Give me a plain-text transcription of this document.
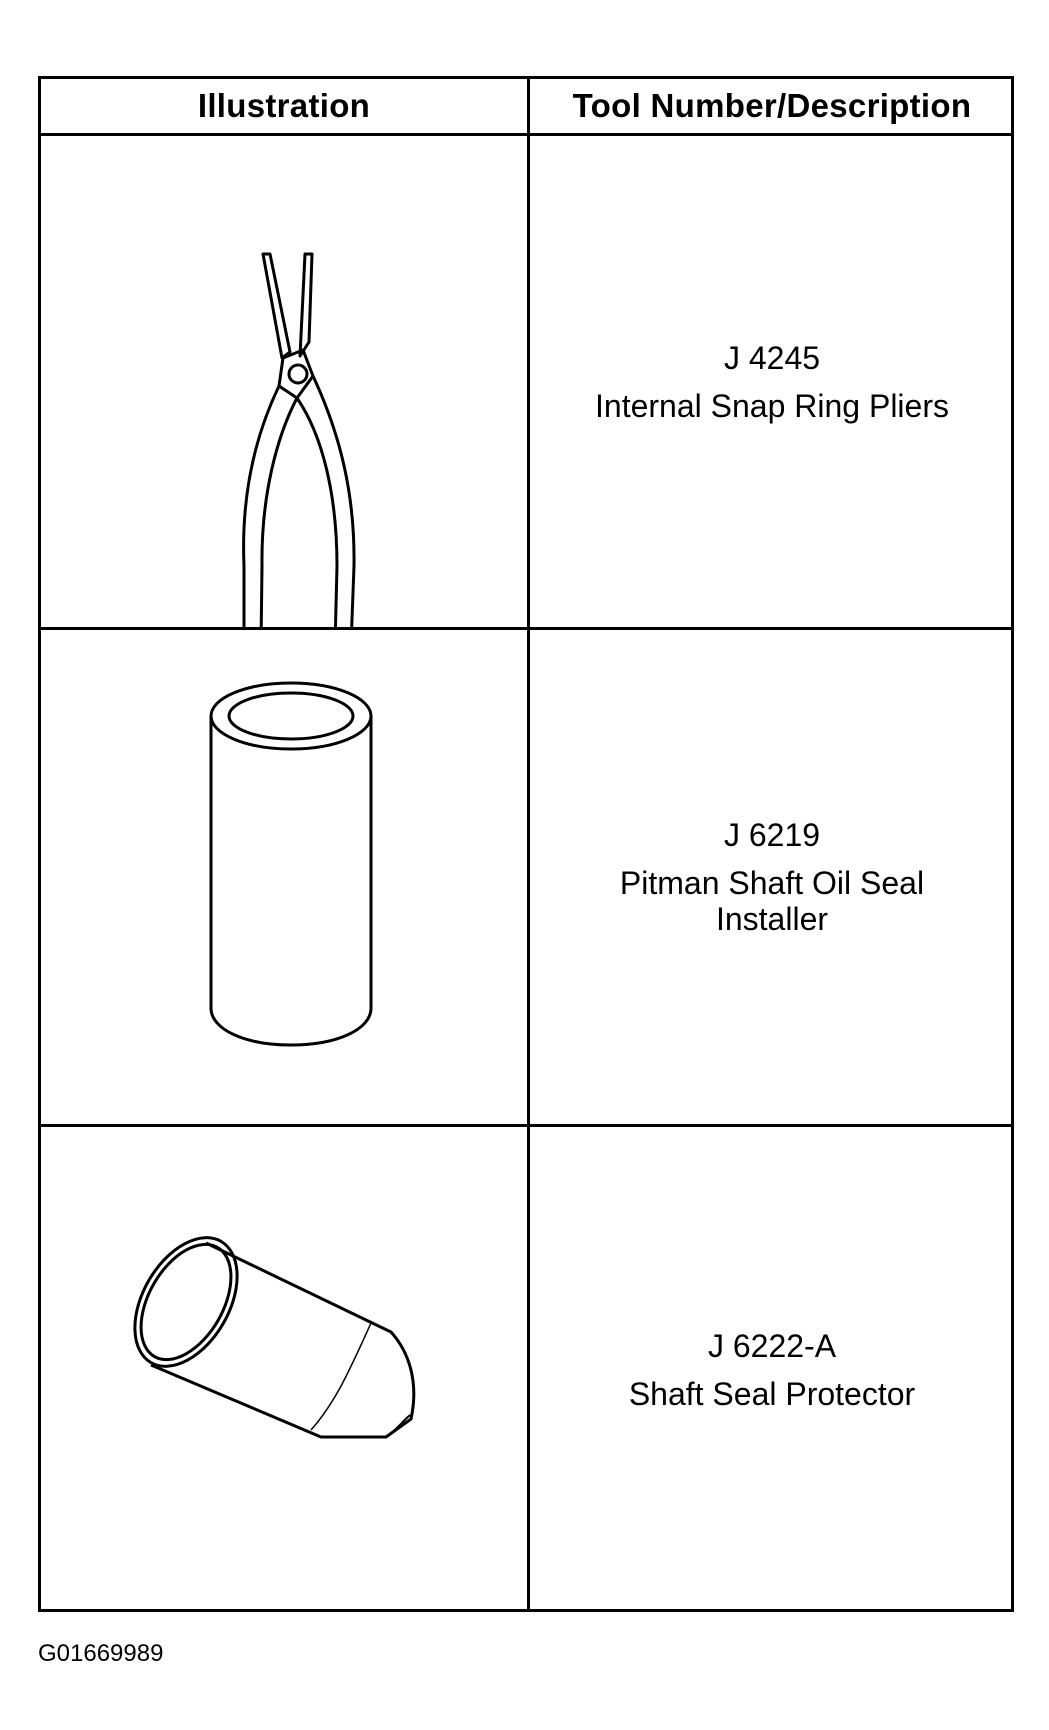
Illustration	Tool Number/Description
J 4245
Internal Snap Ring Pliers
J 6219
Pitman Shaft Oil Seal Installer
J 6222-A
Shaft Seal Protector
G01669989
